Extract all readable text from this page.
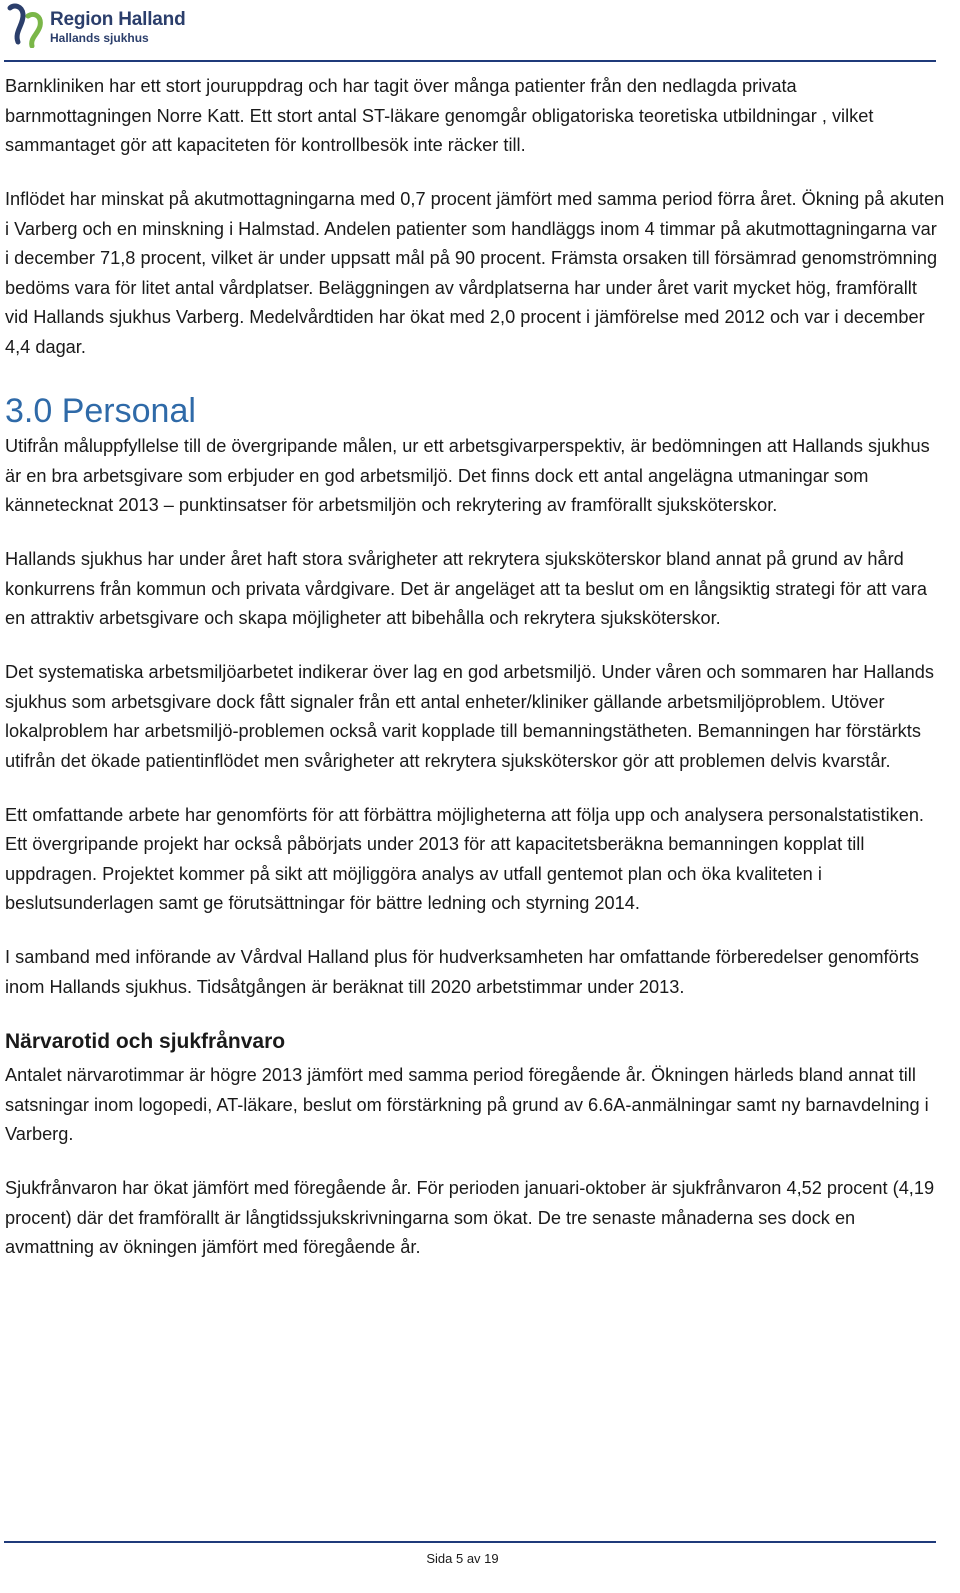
Region Halland
Hallands sjukhus

Barnkliniken har ett stort jouruppdrag och har tagit över många patienter från den nedlagda privata barnmottagningen Norre Katt. Ett stort antal ST-läkare genomgår obligatoriska teoretiska utbildningar , vilket sammantaget gör att kapaciteten för kontrollbesök inte räcker till.

Inflödet har minskat på akutmottagningarna med 0,7 procent jämfört med samma period förra året. Ökning på akuten i Varberg och en minskning i Halmstad. Andelen patienter som handläggs inom 4 timmar på akutmottagningarna var i december 71,8 procent, vilket är under uppsatt mål på 90 procent. Främsta orsaken till försämrad genomströmning bedöms vara för litet antal vårdplatser. Beläggningen av vårdplatserna har under året varit mycket hög, framförallt vid Hallands sjukhus Varberg. Medelvårdtiden har ökat med 2,0 procent i jämförelse med 2012 och var i december 4,4 dagar.

3.0 Personal

Utifrån måluppfyllelse till de övergripande målen, ur ett arbetsgivarperspektiv, är bedömningen att Hallands sjukhus är en bra arbetsgivare som erbjuder en god arbetsmiljö. Det finns dock ett antal angelägna utmaningar som kännetecknat 2013 – punktinsatser för arbetsmiljön och rekrytering av framförallt sjuksköterskor.

Hallands sjukhus har under året haft stora svårigheter att rekrytera sjuksköterskor bland annat på grund av hård konkurrens från kommun och privata vårdgivare. Det är angeläget att ta beslut om en långsiktig strategi för att vara en attraktiv arbetsgivare och skapa möjligheter att bibehålla och rekrytera sjuksköterskor.

Det systematiska arbetsmiljöarbetet indikerar över lag en god arbetsmiljö. Under våren och sommaren har Hallands sjukhus som arbetsgivare dock fått signaler från ett antal enheter/kliniker gällande arbetsmiljöproblem. Utöver lokalproblem har arbetsmiljö-problemen också varit kopplade till bemanningstätheten. Bemanningen har förstärkts utifrån det ökade patientinflödet men svårigheter att rekrytera sjuksköterskor gör att problemen delvis kvarstår.

Ett omfattande arbete har genomförts för att förbättra möjligheterna att följa upp och analysera personalstatistiken. Ett övergripande projekt har också påbörjats under 2013 för att kapacitetsberäkna bemanningen kopplat till uppdragen. Projektet kommer på sikt att möjliggöra analys av utfall gentemot plan och öka kvaliteten i beslutsunderlagen samt ge förutsättningar för bättre ledning och styrning 2014.

I samband med införande av Vårdval Halland plus för hudverksamheten har omfattande förberedelser genomförts inom Hallands sjukhus. Tidsåtgången är beräknat till 2020 arbetstimmar under 2013.

Närvarotid och sjukfrånvaro

Antalet närvarotimmar är högre 2013 jämfört med samma period föregående år. Ökningen härleds bland annat till satsningar inom logopedi, AT-läkare, beslut om förstärkning på grund av 6.6A-anmälningar samt ny barnavdelning i Varberg.

Sjukfrånvaron har ökat jämfört med föregående år. För perioden januari-oktober är sjukfrånvaron 4,52 procent (4,19 procent) där det framförallt är långtidssjukskrivningarna som ökat. De tre senaste månaderna ses dock en avmattning av ökningen jämfört med föregående år.

Sida 5 av 19
